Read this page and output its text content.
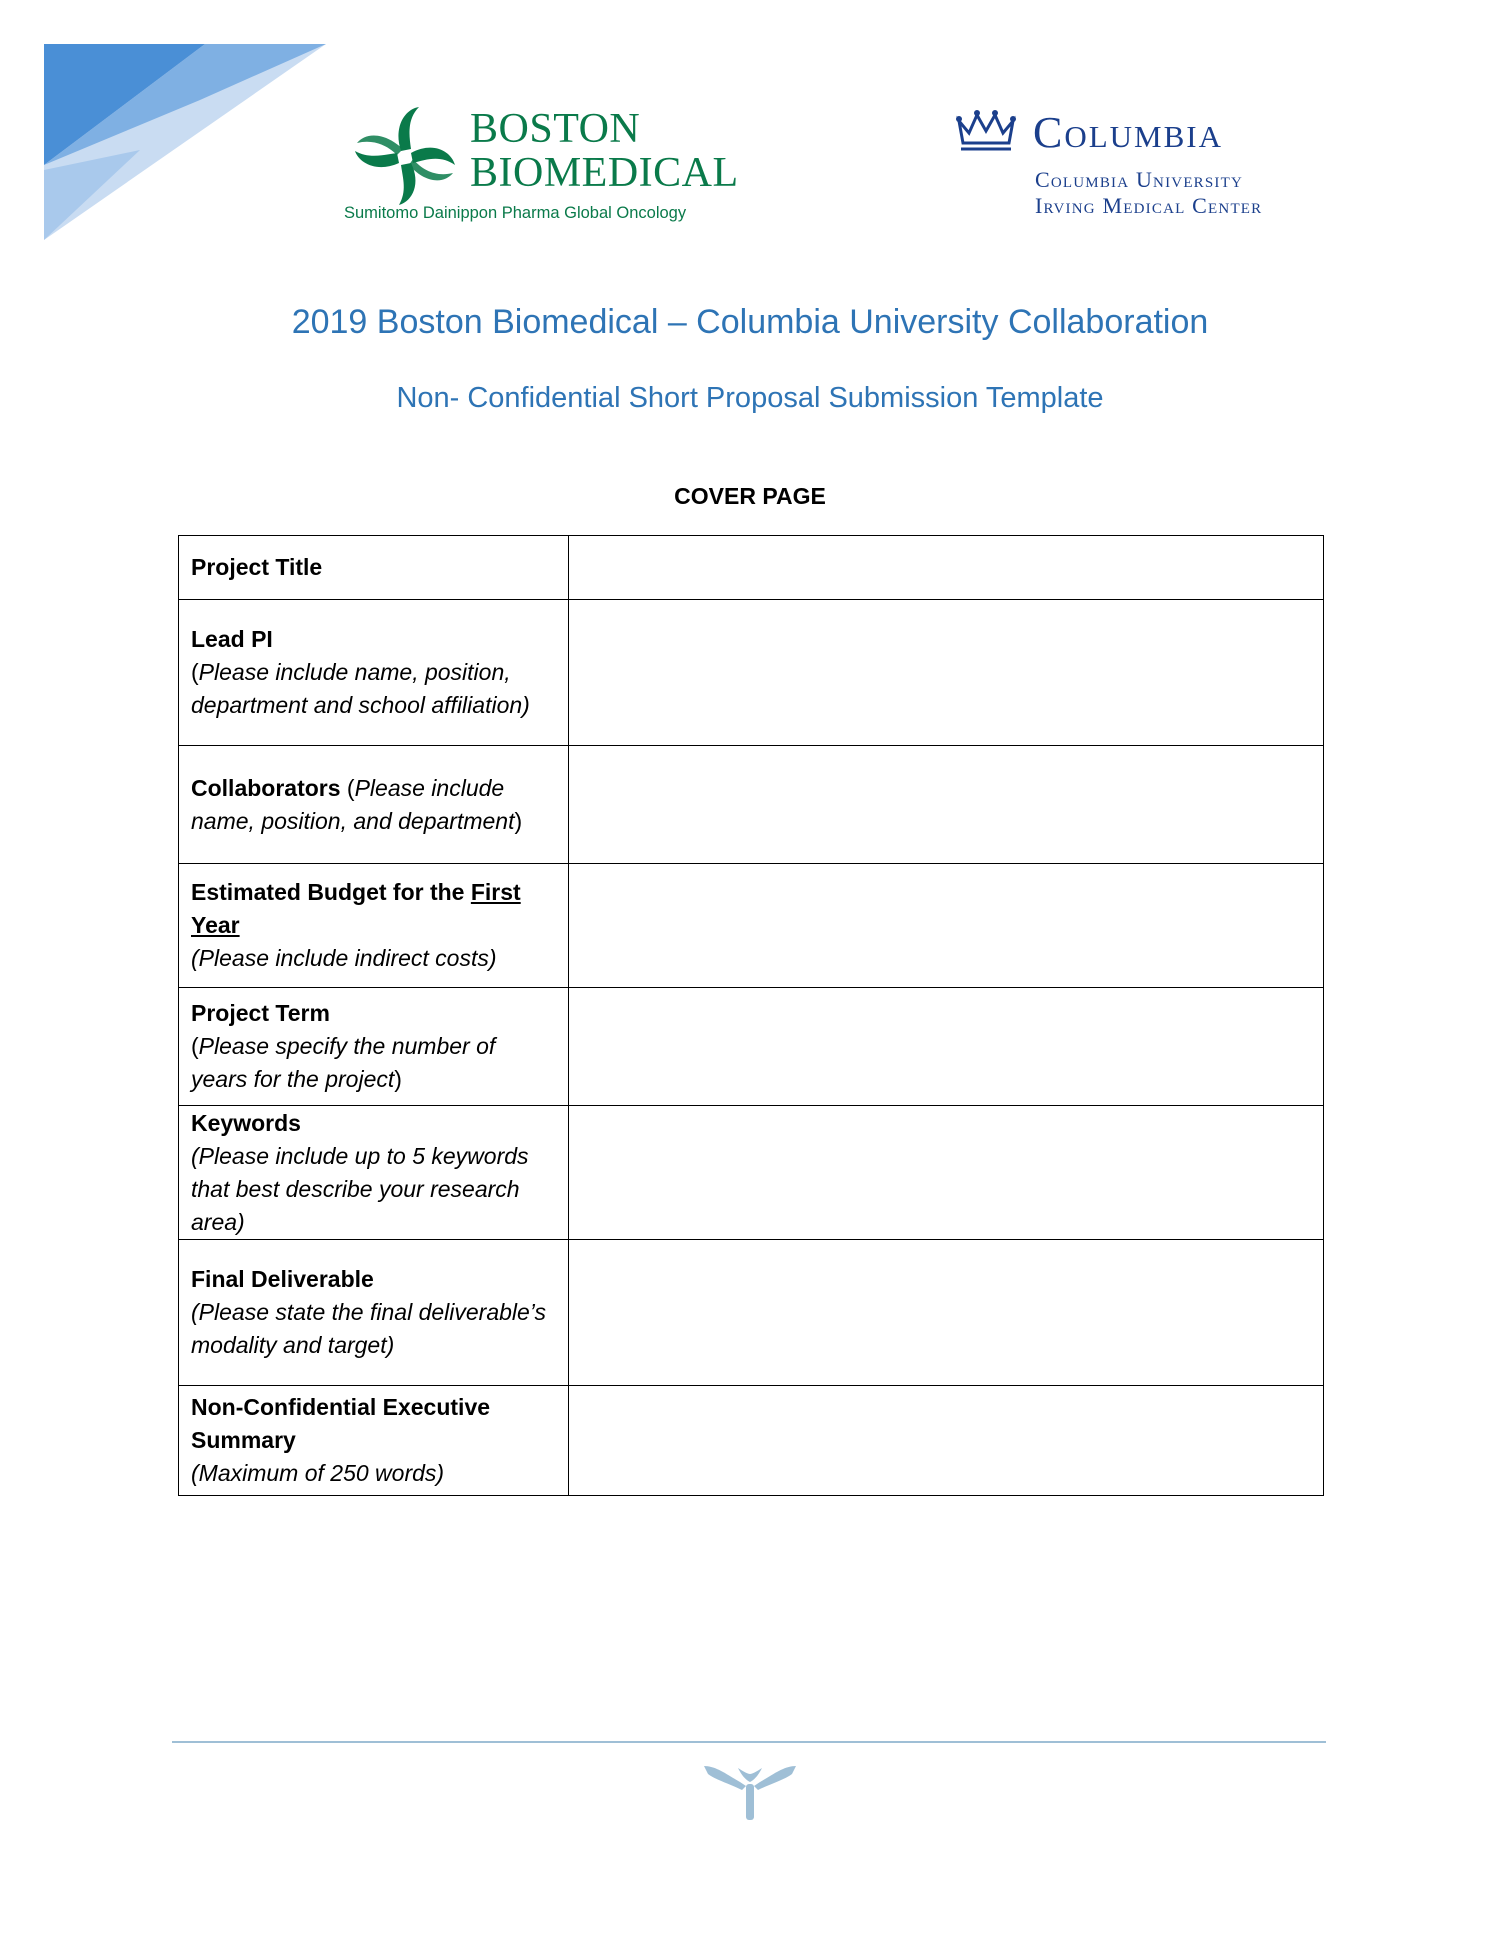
BOSTON
BIOMEDICAL
Sumitomo Dainippon Pharma Global Oncology
Columbia
Columbia University
Irving Medical Center
2019 Boston Biomedical – Columbia University Collaboration
Non- Confidential Short Proposal Submission Template
COVER PAGE
Project Title	
Lead PI
(Please include name, position, department and school affiliation)	
Collaborators (Please include name, position, and department)	
Estimated Budget for the First Year
(Please include indirect costs)	
Project Term
(Please specify the number of years for the project)	
Keywords
(Please include up to 5 keywords that best describe your research area)	
Final Deliverable
(Please state the final deliverable’s modality and target)	
Non-Confidential Executive Summary
(Maximum of 250 words)	
